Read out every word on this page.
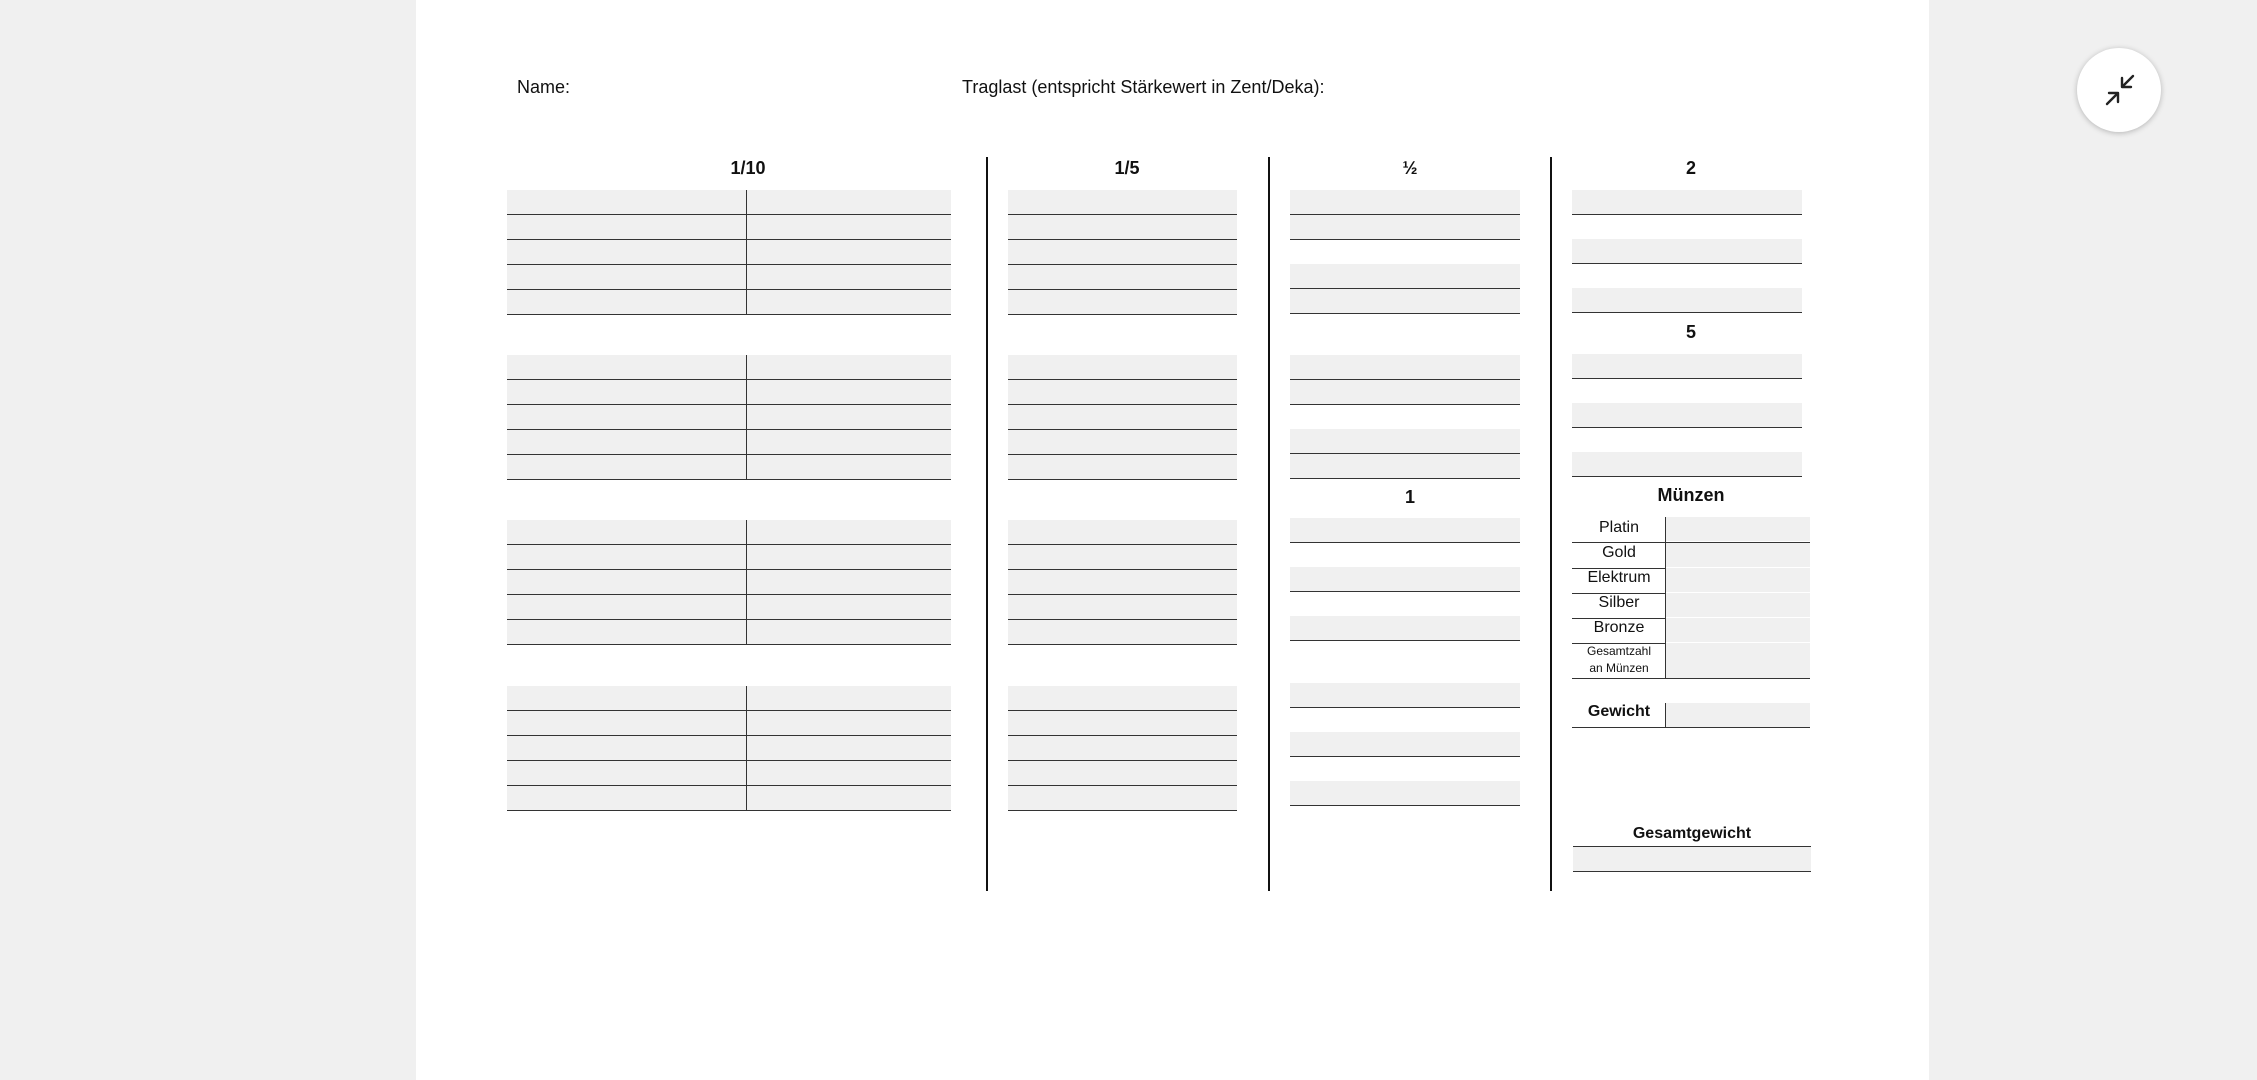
Name:	Traglast (entspricht Stärkewert in Zent/Deka):
1/10	1/5	½	2
5
1	Münzen
Platin
Gold
Elektrum
Silber
Bronze
Gesamtzahl
an Münzen
Gewicht
Gesamtgewicht
